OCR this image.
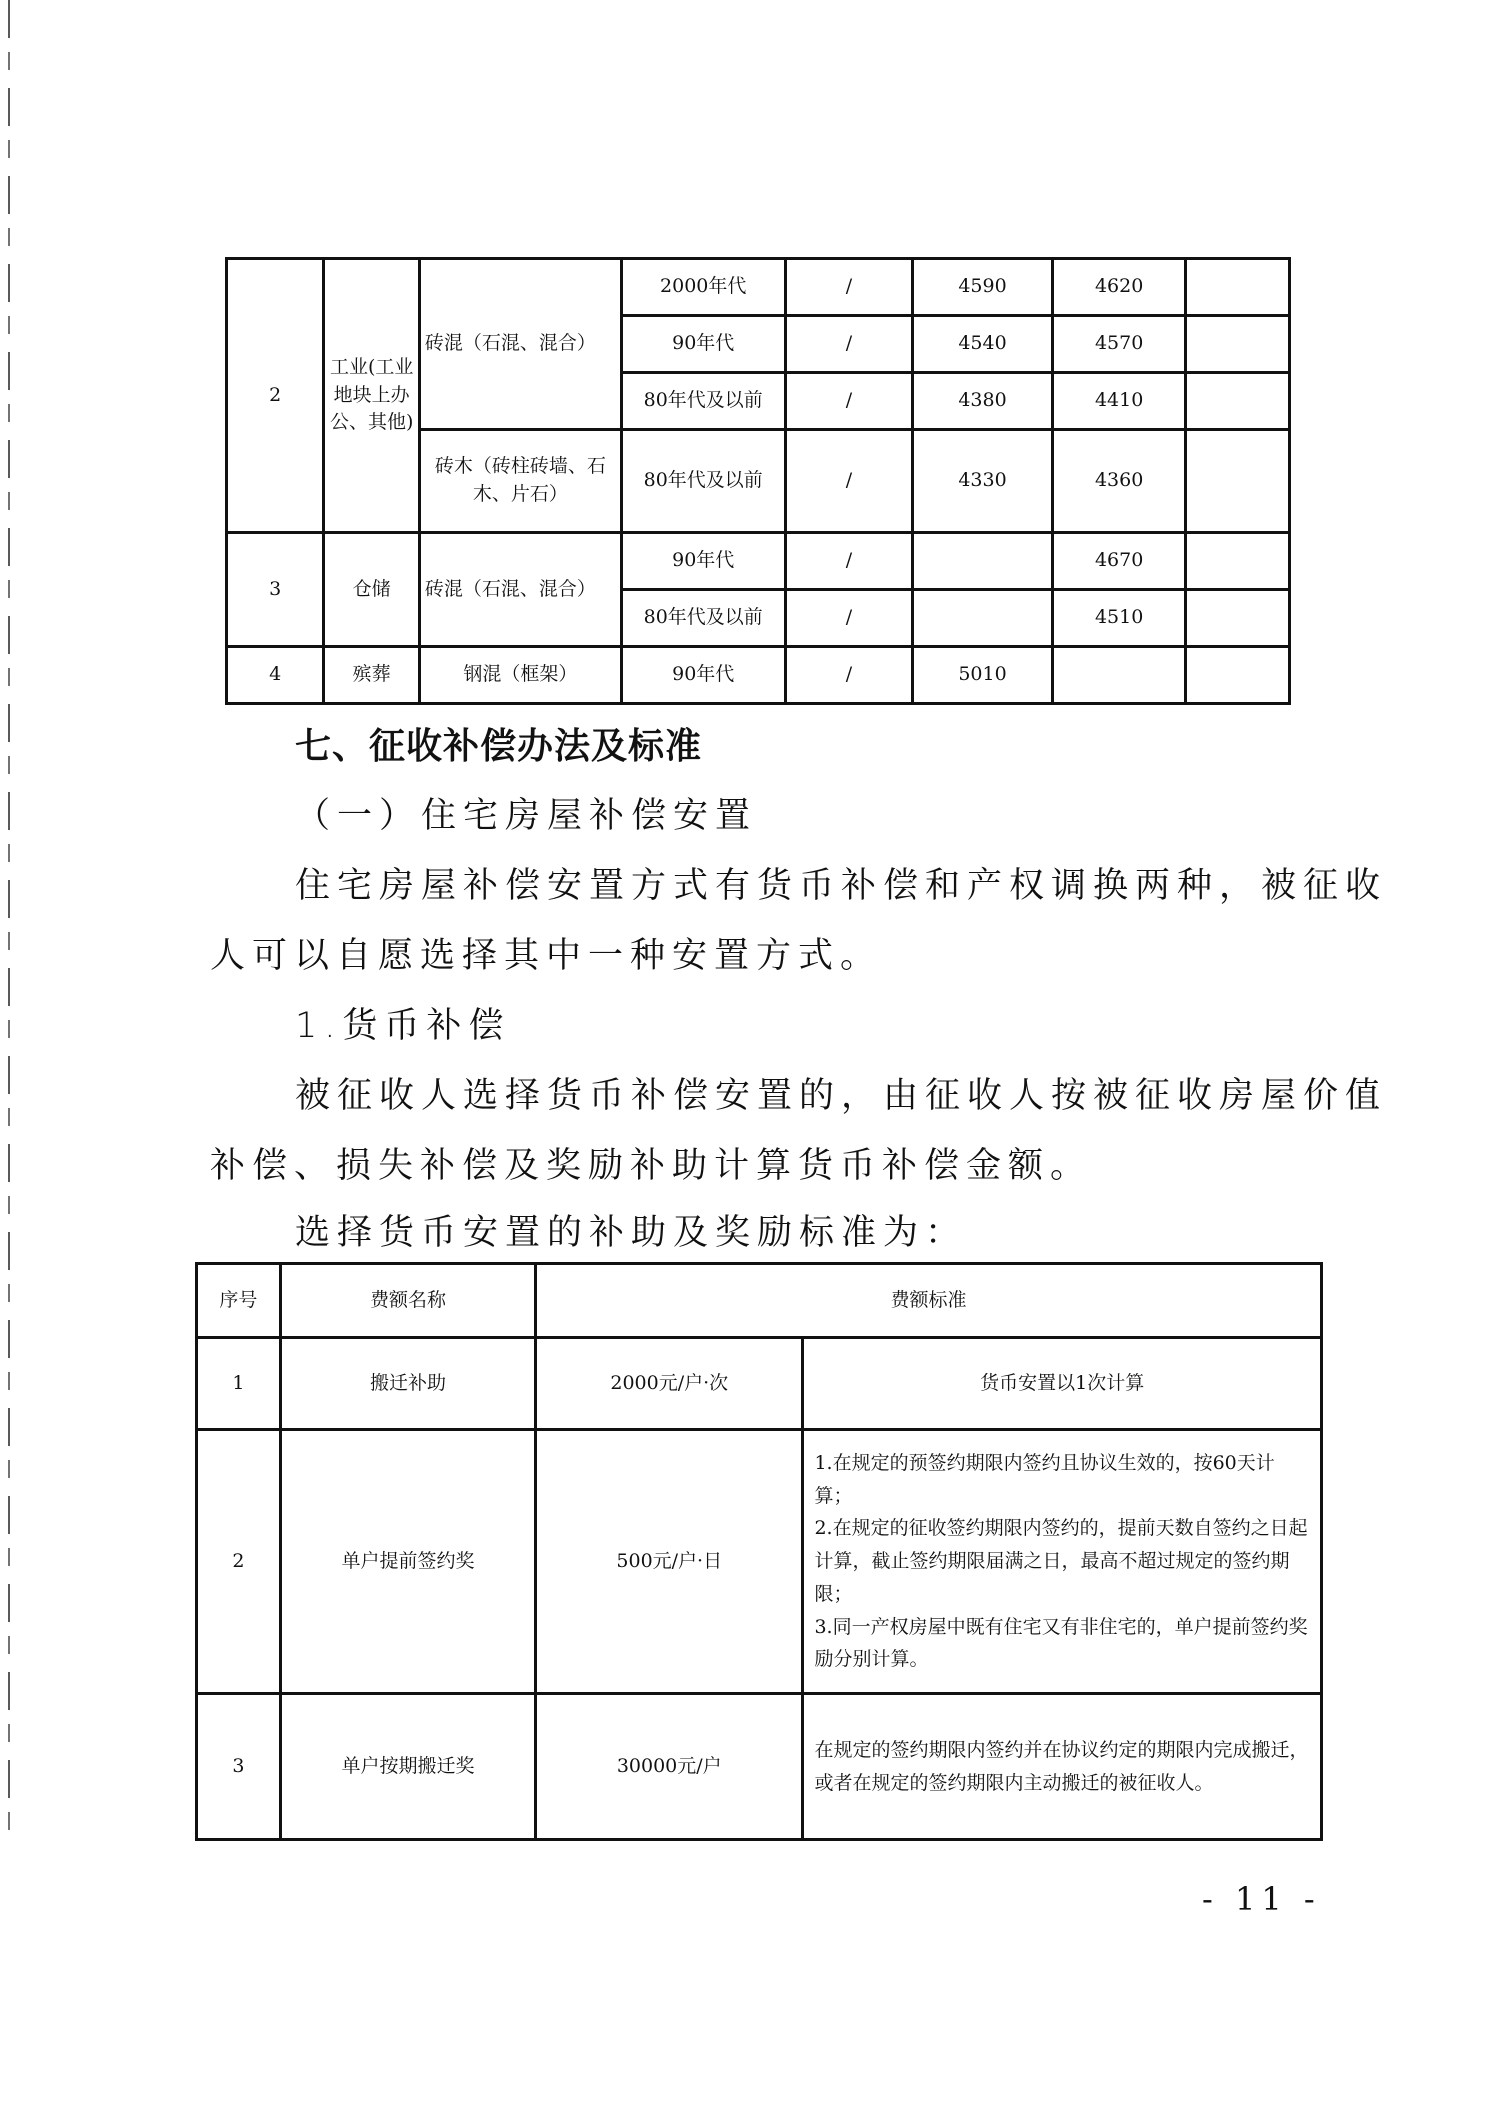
2	工业(工业地块上办公、其他)	砖混（石混、混合）	2000年代	/	4590	4620	
			90年代	/	4540	4570	
			80年代及以前	/	4380	4410	
		砖木（砖柱砖墙、石木、片石）	80年代及以前	/	4330	4360	
3	仓储	砖混（石混、混合）	90年代	/		4670	
			80年代及以前	/		4510	
4	殡葬	钢混（框架）	90年代	/	5010		
七、征收补偿办法及标准
（一）住宅房屋补偿安置
住宅房屋补偿安置方式有货币补偿和产权调换两种，被征收
人可以自愿选择其中一种安置方式。
1.货币补偿
被征收人选择货币补偿安置的，由征收人按被征收房屋价值
补偿、损失补偿及奖励补助计算货币补偿金额。
选择货币安置的补助及奖励标准为：
序号	费额名称	费额标准	
1	搬迁补助	2000元/户·次	货币安置以1次计算
2	单户提前签约奖	500元/户·日	1.在规定的预签约期限内签约且协议生效的，按60天计算；
2.在规定的征收签约期限内签约的，提前天数自签约之日起计算，截止签约期限届满之日，最高不超过规定的签约期限；
3.同一产权房屋中既有住宅又有非住宅的，单户提前签约奖励分别计算。

3	单户按期搬迁奖	30000元/户	在规定的签约期限内签约并在协议约定的期限内完成搬迁，或者在规定的签约期限内主动搬迁的被征收人。
- 11 -
